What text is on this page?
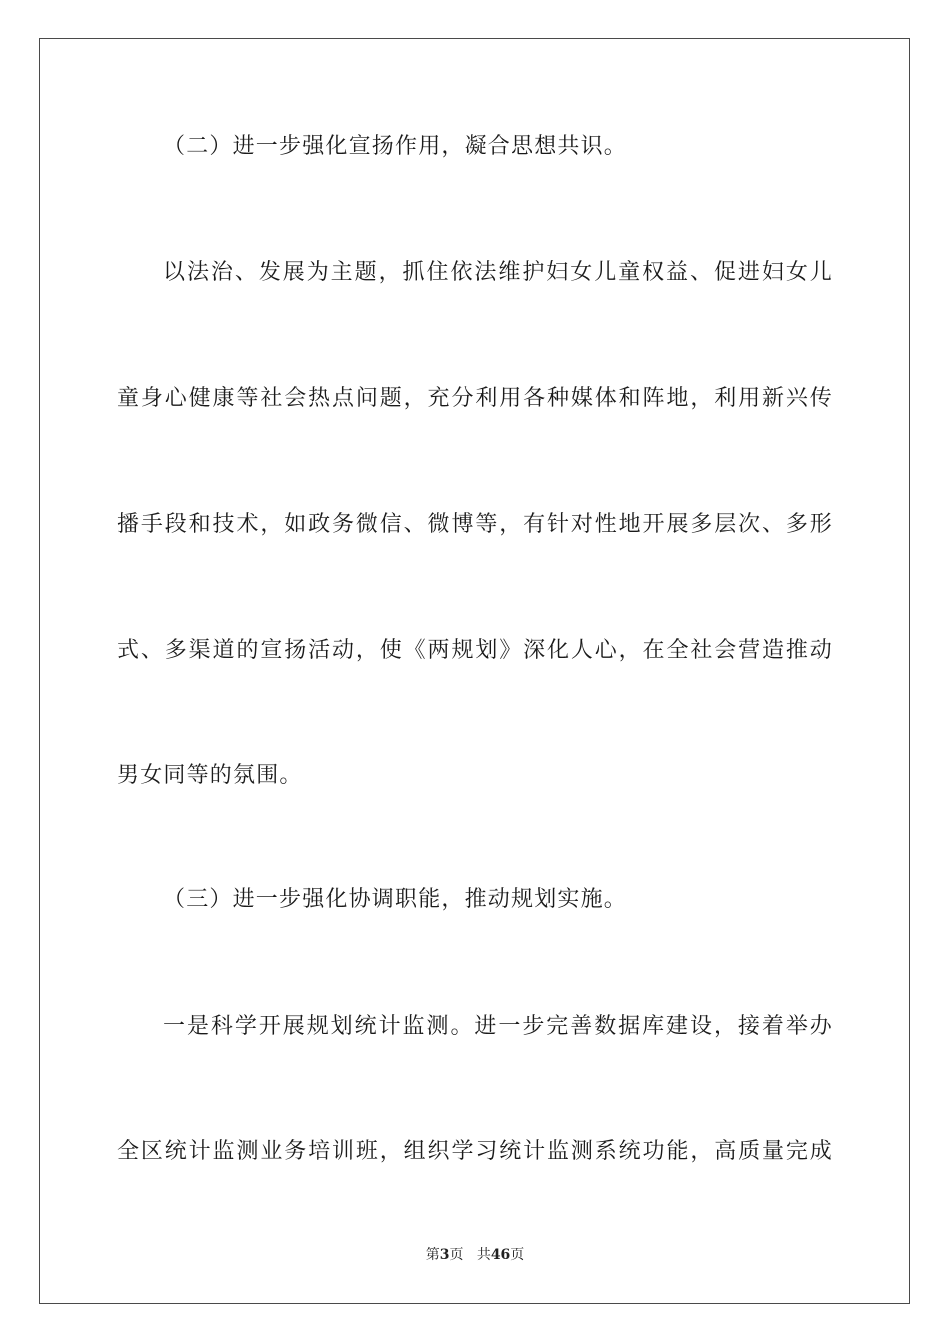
（二）进一步强化宣扬作用，凝合思想共识。
以法治、发展为主题，抓住依法维护妇女儿童权益、促进妇女儿
童身心健康等社会热点问题，充分利用各种媒体和阵地，利用新兴传
播手段和技术，如政务微信、微博等，有针对性地开展多层次、多形
式、多渠道的宣扬活动，使《两规划》深化人心，在全社会营造推动
男女同等的氛围。
（三）进一步强化协调职能，推动规划实施。
一是科学开展规划统计监测。进一步完善数据库建设，接着举办
全区统计监测业务培训班，组织学习统计监测系统功能，高质量完成
第3页 共46页
